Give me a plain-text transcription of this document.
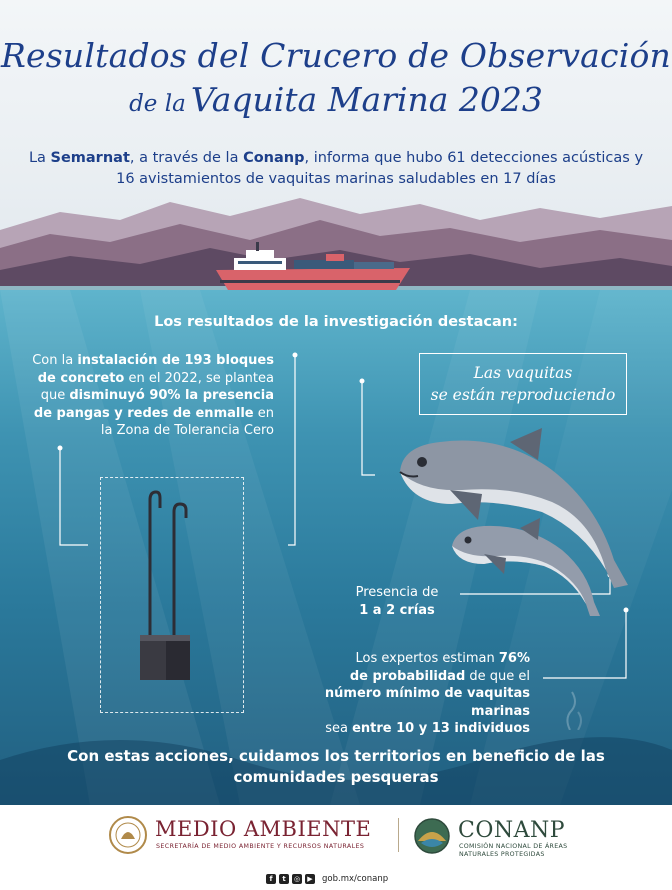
Resultados del Crucero de Observación
de la Vaquita Marina 2023
La Semarnat, a través de la Conanp, informa que hubo 61 detecciones acústicas y 16 avistamientos de vaquitas marinas saludables en 17 días
Los resultados de la investigación destacan:
Con la instalación de 193 bloques de concreto en el 2022, se plantea que disminuyó 90% la presencia de pangas y redes de enmalle en la Zona de Tolerancia Cero
Las vaquitas
se están reproduciendo
Presencia de
1 a 2 crías
Los expertos estiman 76%
de probabilidad de que el
número mínimo de vaquitas marinas
sea entre 10 y 13 individuos
Con estas acciones, cuidamos los territorios en beneficio de las comunidades pesqueras
MEDIO AMBIENTE
SECRETARÍA DE MEDIO AMBIENTE Y RECURSOS NATURALES
CONANP
COMISIÓN NACIONAL DE ÁREAS NATURALES PROTEGIDAS
f	t	◎	▶ gob.mx/conanp
